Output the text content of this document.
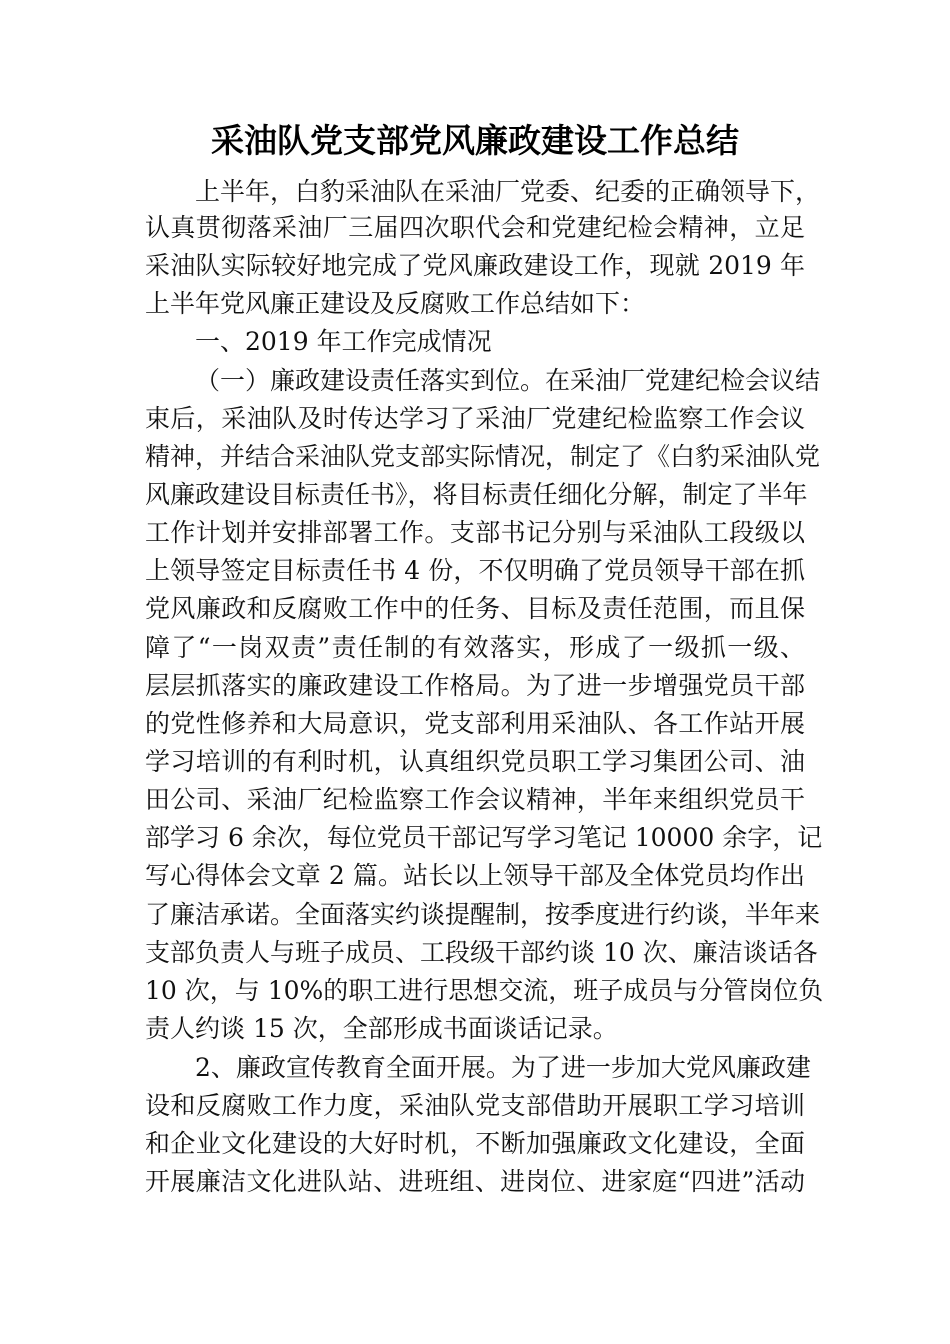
采油队党支部党风廉政建设工作总结
上半年，白豹采油队在采油厂党委、纪委的正确领导下，
认真贯彻落采油厂三届四次职代会和党建纪检会精神，立足
采油队实际较好地完成了党风廉政建设工作，现就 2019 年
上半年党风廉正建设及反腐败工作总结如下：
一、2019 年工作完成情况
（一）廉政建设责任落实到位。在采油厂党建纪检会议结
束后，采油队及时传达学习了采油厂党建纪检监察工作会议
精神，并结合采油队党支部实际情况，制定了《白豹采油队党
风廉政建设目标责任书》，将目标责任细化分解，制定了半年
工作计划并安排部署工作。支部书记分别与采油队工段级以
上领导签定目标责任书 4 份，不仅明确了党员领导干部在抓
党风廉政和反腐败工作中的任务、目标及责任范围，而且保
障了“一岗双责”责任制的有效落实，形成了一级抓一级、
层层抓落实的廉政建设工作格局。为了进一步增强党员干部
的党性修养和大局意识，党支部利用采油队、各工作站开展
学习培训的有利时机，认真组织党员职工学习集团公司、油
田公司、采油厂纪检监察工作会议精神，半年来组织党员干
部学习 6 余次，每位党员干部记写学习笔记 10000 余字，记
写心得体会文章 2 篇。站长以上领导干部及全体党员均作出
了廉洁承诺。全面落实约谈提醒制，按季度进行约谈，半年来
支部负责人与班子成员、工段级干部约谈 10 次、廉洁谈话各
10 次，与 10%的职工进行思想交流，班子成员与分管岗位负
责人约谈 15 次，全部形成书面谈话记录。
2、廉政宣传教育全面开展。为了进一步加大党风廉政建
设和反腐败工作力度，采油队党支部借助开展职工学习培训
和企业文化建设的大好时机，不断加强廉政文化建设，全面
开展廉洁文化进队站、进班组、进岗位、进家庭“四进”活动
